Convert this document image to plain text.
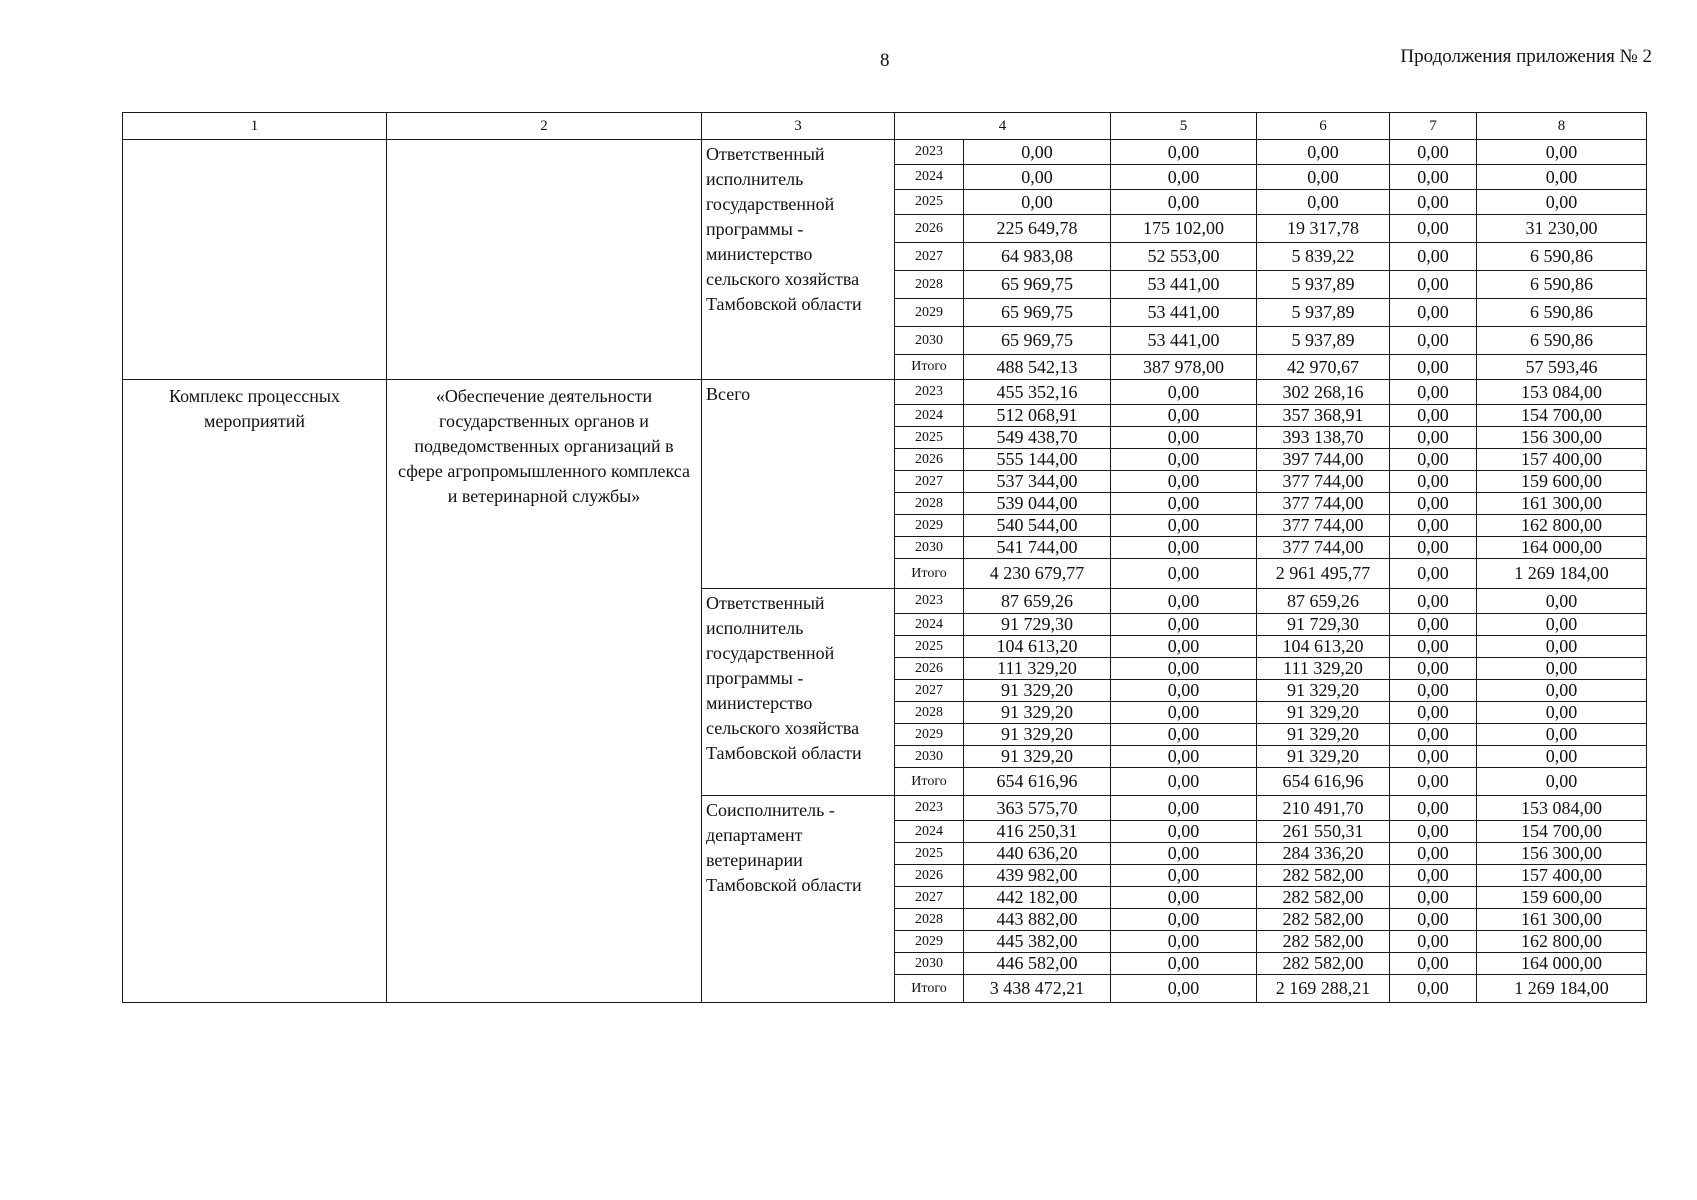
8	Продолжения приложения № 2
1	2	3	4		5	6	7	8
		Ответственный исполнитель государственной программы - министерство сельского хозяйства Тамбовской области	2023	0,00	0,00	0,00	0,00	0,00
			2024	0,00	0,00	0,00	0,00	0,00
			2025	0,00	0,00	0,00	0,00	0,00
			2026	225 649,78	175 102,00	19 317,78	0,00	31 230,00
			2027	64 983,08	52 553,00	5 839,22	0,00	6 590,86
			2028	65 969,75	53 441,00	5 937,89	0,00	6 590,86
			2029	65 969,75	53 441,00	5 937,89	0,00	6 590,86
			2030	65 969,75	53 441,00	5 937,89	0,00	6 590,86
			Итого	488 542,13	387 978,00	42 970,67	0,00	57 593,46
Комплекс процессных мероприятий	«Обеспечение деятельности государственных органов и подведомственных организаций в сфере агропромышленного комплекса и ветеринарной службы»	Всего	2023	455 352,16	0,00	302 268,16	0,00	153 084,00
			2024	512 068,91	0,00	357 368,91	0,00	154 700,00
			2025	549 438,70	0,00	393 138,70	0,00	156 300,00
			2026	555 144,00	0,00	397 744,00	0,00	157 400,00
			2027	537 344,00	0,00	377 744,00	0,00	159 600,00
			2028	539 044,00	0,00	377 744,00	0,00	161 300,00
			2029	540 544,00	0,00	377 744,00	0,00	162 800,00
			2030	541 744,00	0,00	377 744,00	0,00	164 000,00
			Итого	4 230 679,77	0,00	2 961 495,77	0,00	1 269 184,00
		Ответственный исполнитель государственной программы - министерство сельского хозяйства Тамбовской области	2023	87 659,26	0,00	87 659,26	0,00	0,00
			2024	91 729,30	0,00	91 729,30	0,00	0,00
			2025	104 613,20	0,00	104 613,20	0,00	0,00
			2026	111 329,20	0,00	111 329,20	0,00	0,00
			2027	91 329,20	0,00	91 329,20	0,00	0,00
			2028	91 329,20	0,00	91 329,20	0,00	0,00
			2029	91 329,20	0,00	91 329,20	0,00	0,00
			2030	91 329,20	0,00	91 329,20	0,00	0,00
			Итого	654 616,96	0,00	654 616,96	0,00	0,00
		Соисполнитель - департамент ветеринарии Тамбовской области	2023	363 575,70	0,00	210 491,70	0,00	153 084,00
			2024	416 250,31	0,00	261 550,31	0,00	154 700,00
			2025	440 636,20	0,00	284 336,20	0,00	156 300,00
			2026	439 982,00	0,00	282 582,00	0,00	157 400,00
			2027	442 182,00	0,00	282 582,00	0,00	159 600,00
			2028	443 882,00	0,00	282 582,00	0,00	161 300,00
			2029	445 382,00	0,00	282 582,00	0,00	162 800,00
			2030	446 582,00	0,00	282 582,00	0,00	164 000,00
			Итого	3 438 472,21	0,00	2 169 288,21	0,00	1 269 184,00
